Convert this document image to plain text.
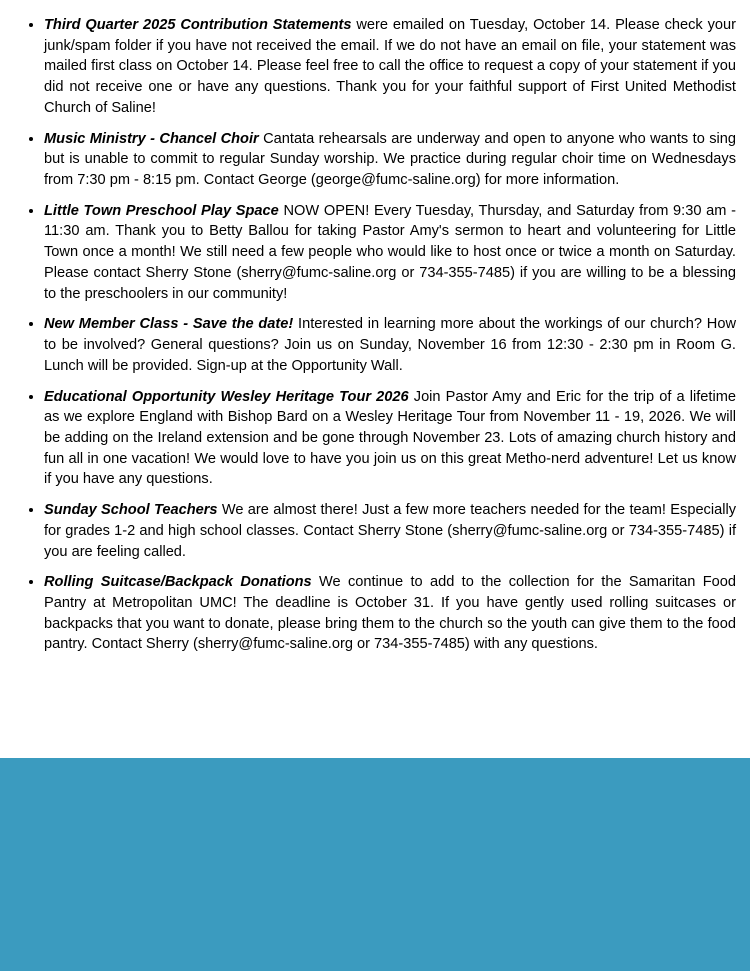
• Third Quarter 2025 Contribution Statements were emailed on Tuesday, October 14. Please check your junk/spam folder if you have not received the email. If we do not have an email on file, your statement was mailed first class on October 14. Please feel free to call the office to request a copy of your statement if you did not receive one or have any questions. Thank you for your faithful support of First United Methodist Church of Saline!
• Music Ministry - Chancel Choir Cantata rehearsals are underway and open to anyone who wants to sing but is unable to commit to regular Sunday worship. We practice during regular choir time on Wednesdays from 7:30 pm - 8:15 pm. Contact George (george@fumc-saline.org) for more information.
• Little Town Preschool Play Space NOW OPEN! Every Tuesday, Thursday, and Saturday from 9:30 am - 11:30 am. Thank you to Betty Ballou for taking Pastor Amy's sermon to heart and volunteering for Little Town once a month! We still need a few people who would like to host once or twice a month on Saturday. Please contact Sherry Stone (sherry@fumc-saline.org or 734-355-7485) if you are willing to be a blessing to the preschoolers in our community!
• New Member Class - Save the date! Interested in learning more about the workings of our church? How to be involved? General questions? Join us on Sunday, November 16 from 12:30 - 2:30 pm in Room G. Lunch will be provided. Sign-up at the Opportunity Wall.
• Educational Opportunity Wesley Heritage Tour 2026 Join Pastor Amy and Eric for the trip of a lifetime as we explore England with Bishop Bard on a Wesley Heritage Tour from November 11 - 19, 2026. We will be adding on the Ireland extension and be gone through November 23. Lots of amazing church history and fun all in one vacation! We would love to have you join us on this great Metho-nerd adventure! Let us know if you have any questions.
• Sunday School Teachers We are almost there! Just a few more teachers needed for the team! Especially for grades 1-2 and high school classes. Contact Sherry Stone (sherry@fumc-saline.org or 734-355-7485) if you are feeling called.
• Rolling Suitcase/Backpack Donations We continue to add to the collection for the Samaritan Food Pantry at Metropolitan UMC! The deadline is October 31. If you have gently used rolling suitcases or backpacks that you want to donate, please bring them to the church so the youth can give them to the food pantry. Contact Sherry (sherry@fumc-saline.org or 734-355-7485) with any questions.
